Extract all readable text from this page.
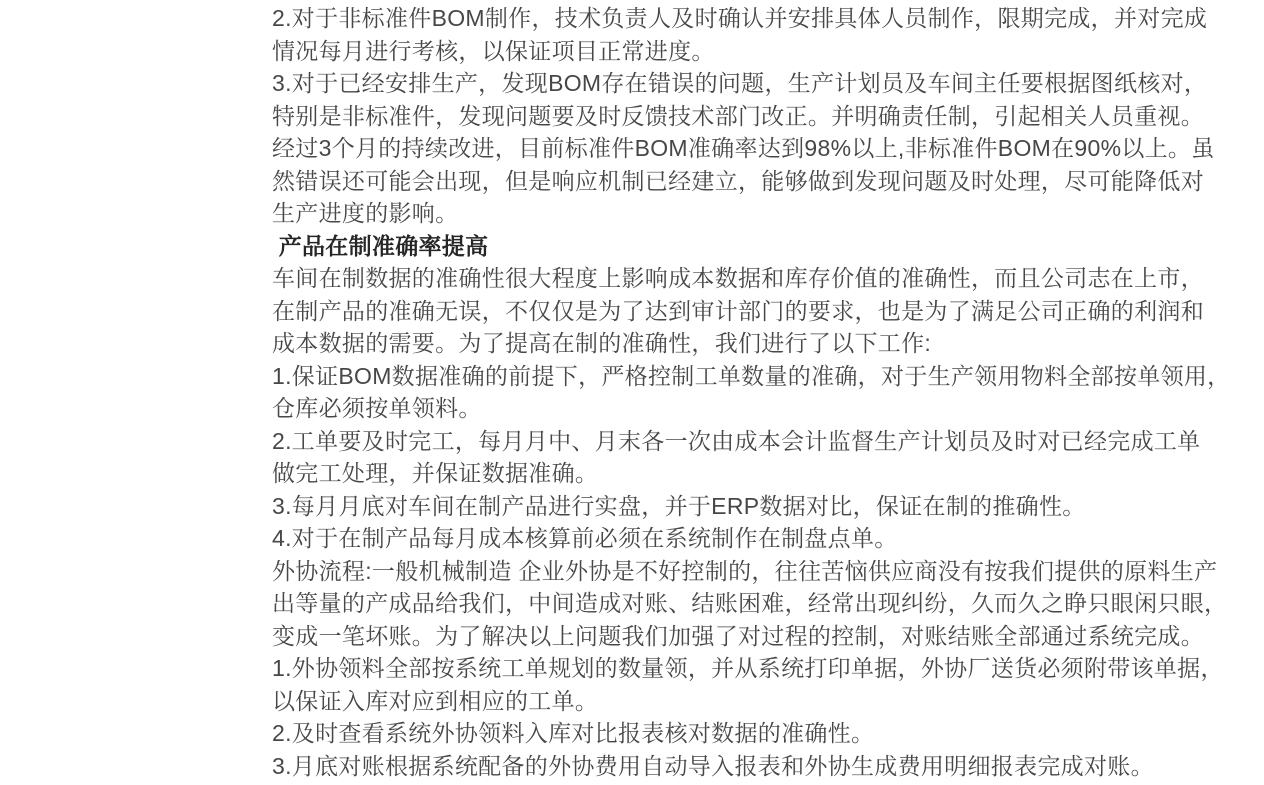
2.对于非标准件BOM制作，技术负责人及时确认并安排具体人员制作，限期完成，并对完成
情况每月进行考核，以保证项目正常进度。
3.对于已经安排生产，发现BOM存在错误的问题，生产计划员及车间主任要根据图纸核对，
特别是非标准件，发现问题要及时反馈技术部门改正。并明确责任制，引起相关人员重视。
经过3个月的持续改进，目前标准件BOM准确率达到98%以上,非标准件BOM在90%以上。虽
然错误还可能会出现，但是响应机制已经建立，能够做到发现问题及时处理，尽可能降低对
生产进度的影响。
产品在制准确率提高
车间在制数据的准确性很大程度上影响成本数据和库存价值的准确性，而且公司志在上市，
在制产品的准确无误，不仅仅是为了达到审计部门的要求，也是为了满足公司正确的利润和
成本数据的需要。为了提高在制的准确性，我们进行了以下工作:
1.保证BOM数据准确的前提下，严格控制工单数量的准确，对于生产领用物料全部按单领用，
仓库必须按单领料。
2.工单要及时完工，每月月中、月末各一次由成本会计监督生产计划员及时对已经完成工单
做完工处理，并保证数据准确。
3.每月月底对车间在制产品进行实盘，并于ERP数据对比，保证在制的推确性。
4.对于在制产品每月成本核算前必须在系统制作在制盘点单。
外协流程:一般机械制造 企业外协是不好控制的，往往苦恼供应商没有按我们提供的原料生产
出等量的产成品给我们，中间造成对账、结账困难，经常出现纠纷，久而久之睁只眼闲只眼，
变成一笔坏账。为了解决以上问题我们加强了对过程的控制，对账结账全部通过系统完成。
1.外协领料全部按系统工单规划的数量领，并从系统打印单据，外协厂送货必须附带该单据，
以保证入库对应到相应的工单。
2.及时查看系统外协领料入库对比报表核对数据的准确性。
3.月底对账根据系统配备的外协费用自动导入报表和外协生成费用明细报表完成对账。
